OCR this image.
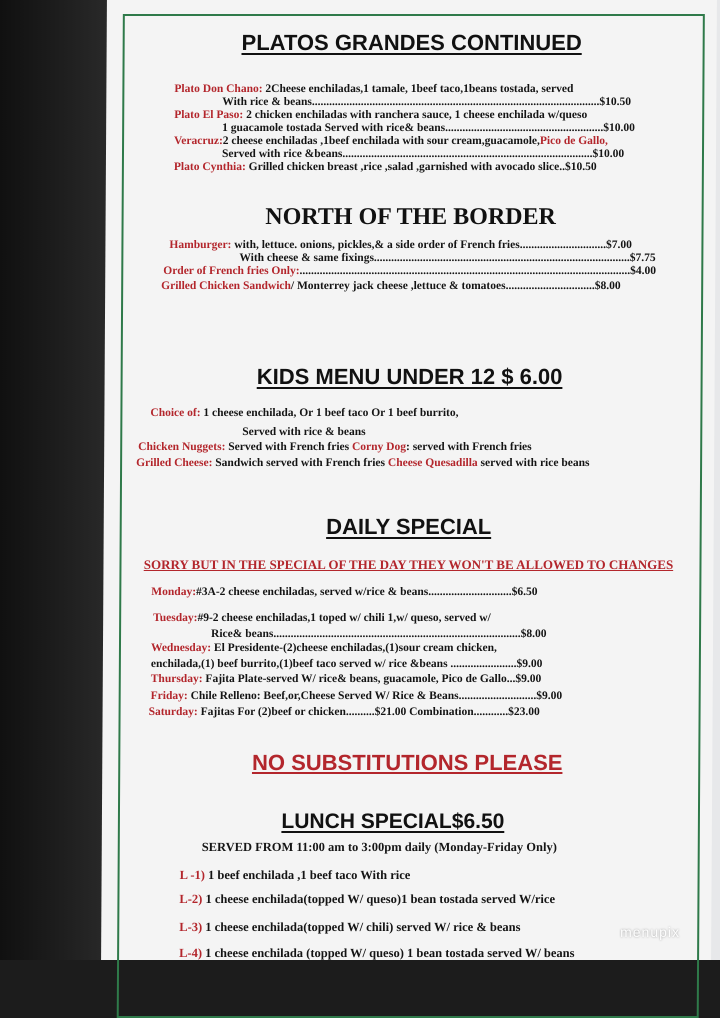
PLATOS GRANDES CONTINUED
Plato Don Chano: 2Cheese enchiladas,1 tamale, 1beef taco,1beans tostada, served
With rice & beans....................................................................................................$10.50
Plato El Paso: 2 chicken enchiladas with ranchera sauce, 1 cheese enchilada w/queso
1 guacamole tostada Served with rice& beans.......................................................$10.00
Veracruz:2 cheese enchiladas ,1beef enchilada with sour cream,guacamole,Pico de Gallo,
Served with rice &beans.......................................................................................$10.00
Plato Cynthia: Grilled chicken breast ,rice ,salad ,garnished with avocado slice..$10.50
NORTH OF THE BORDER
Hamburger: with, lettuce. onions, pickles,& a side order of French fries..............................$7.00
With cheese & same fixings.........................................................................................$7.75
Order of French fries Only:...................................................................................................................$4.00
Grilled Chicken Sandwich/ Monterrey jack cheese ,lettuce & tomatoes...............................$8.00
KIDS MENU UNDER 12 $ 6.00
Choice of: 1 cheese enchilada, Or 1 beef taco Or 1 beef burrito,
Served with rice & beans
Chicken Nuggets: Served with French fries Corny Dog: served with French fries
Grilled Cheese: Sandwich served with French fries Cheese Quesadilla served with rice beans
DAILY SPECIAL
SORRY BUT IN THE SPECIAL OF THE DAY THEY WON'T BE ALLOWED TO CHANGES
Monday:#3A-2 cheese enchiladas, served w/rice & beans.............................$6.50
Tuesday:#9-2 cheese enchiladas,1 toped w/ chili 1,w/ queso, served w/
Rice& beans......................................................................................$8.00
Wednesday: El Presidente-(2)cheese enchiladas,(1)sour cream chicken,
enchilada,(1) beef burrito,(1)beef taco served w/ rice &beans .......................$9.00
Thursday: Fajita Plate-served W/ rice& beans, guacamole, Pico de Gallo...$9.00
Friday: Chile Relleno: Beef,or,Cheese Served W/ Rice & Beans...........................$9.00
Saturday: Fajitas For (2)beef or chicken..........$21.00 Combination............$23.00
NO SUBSTITUTIONS PLEASE
LUNCH SPECIAL$6.50
SERVED FROM 11:00 am to 3:00pm daily (Monday-Friday Only)
L -1) 1 beef enchilada ,1 beef taco With rice
L-2) 1 cheese enchilada(topped W/ queso)1 bean tostada served W/rice
L-3) 1 cheese enchilada(topped W/ chili) served W/ rice & beans
L-4) 1 cheese enchilada (topped W/ queso) 1 bean tostada served W/ beans
menupix
